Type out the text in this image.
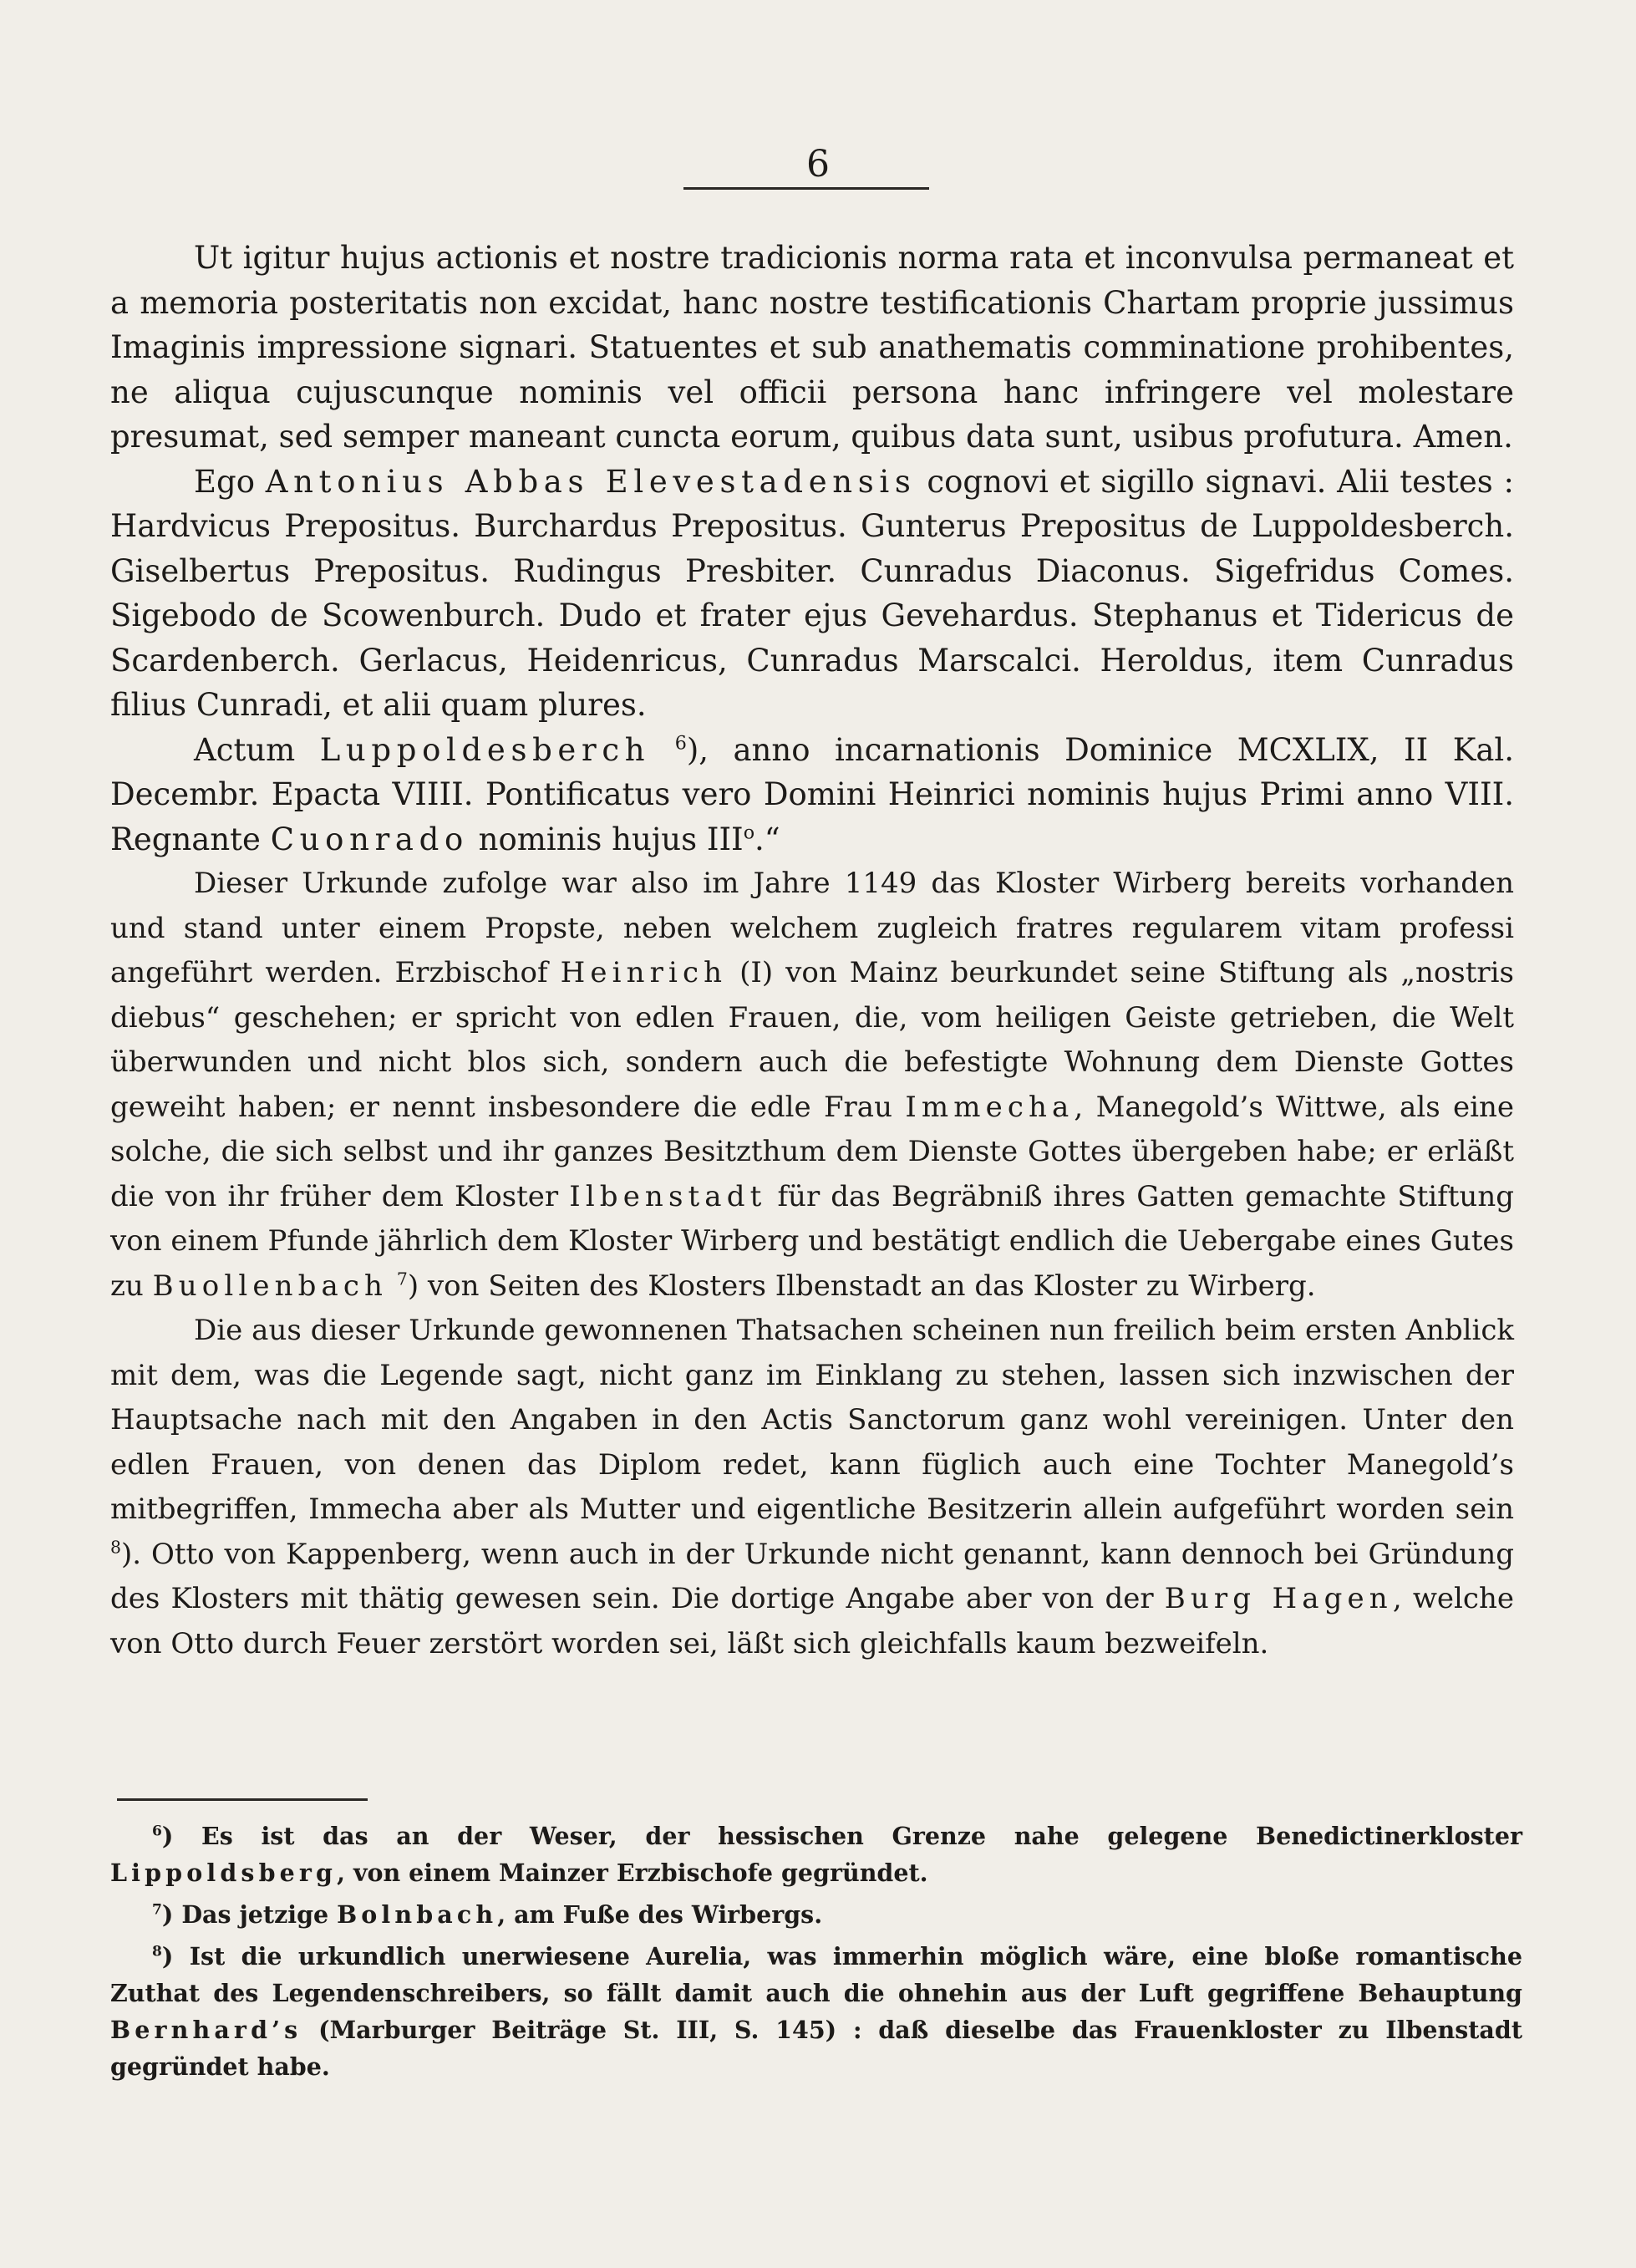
6

Ut igitur hujus actionis et nostre tradicionis norma rata et inconvulsa permaneat et a memoria posteritatis non excidat, hanc nostre testificationis Chartam proprie jussimus Imaginis impressione signari. Statuentes et sub anathematis comminatione prohibentes, ne aliqua cujuscunque nominis vel officii persona hanc infringere vel molestare presumat, sed semper maneant cuncta eorum, quibus data sunt, usibus profutura. Amen.

Ego Antonius Abbas Elevestadensis cognovi et sigillo signavi. Alii testes : Hardvicus Prepositus. Burchardus Prepositus. Gunterus Prepositus de Luppoldesberch. Giselbertus Prepositus. Rudingus Presbiter. Cunradus Diaconus. Sigefridus Comes. Sigebodo de Scowenburch. Dudo et frater ejus Gevehardus. Stephanus et Tidericus de Scardenberch. Gerlacus, Heidenricus, Cunradus Marscalci. Heroldus, item Cunradus filius Cunradi, et alii quam plures.

Actum Luppoldesberch $^6$), anno incarnationis Dominice MCXLIX, II Kal. Decembr. Epacta VIIII. Pontificatus vero Domini Heinrici nominis hujus Primi anno VIII. Regnante Cuonrado nominis hujus III$^o$.“

Dieser Urkunde zufolge war also im Jahre 1149 das Kloster Wirberg bereits vorhanden und stand unter einem Propste, neben welchem zugleich fratres regularem vitam professi angeführt werden. Erzbischof Heinrich (I) von Mainz beurkundet seine Stiftung als „nostris diebus“ geschehen; er spricht von edlen Frauen, die, vom heiligen Geiste getrieben, die Welt überwunden und nicht blos sich, sondern auch die befestigte Wohnung dem Dienste Gottes geweiht haben; er nennt insbesondere die edle Frau Immecha, Manegold’s Wittwe, als eine solche, die sich selbst und ihr ganzes Besitzthum dem Dienste Gottes übergeben habe; er erläßt die von ihr früher dem Kloster Ilbenstadt für das Begräbniß ihres Gatten gemachte Stiftung von einem Pfunde jährlich dem Kloster Wirberg und bestätigt endlich die Uebergabe eines Gutes zu Buollenbach $^7$) von Seiten des Klosters Ilbenstadt an das Kloster zu Wirberg.

Die aus dieser Urkunde gewonnenen Thatsachen scheinen nun freilich beim ersten Anblick mit dem, was die Legende sagt, nicht ganz im Einklang zu stehen, lassen sich inzwischen der Hauptsache nach mit den Angaben in den Actis Sanctorum ganz wohl vereinigen. Unter den edlen Frauen, von denen das Diplom redet, kann füglich auch eine Tochter Manegold’s mitbegriffen, Immecha aber als Mutter und eigentliche Besitzerin allein aufgeführt worden sein $^8$). Otto von Kappenberg, wenn auch in der Urkunde nicht genannt, kann dennoch bei Gründung des Klosters mit thätig gewesen sein. Die dortige Angabe aber von der Burg Hagen, welche von Otto durch Feuer zerstört worden sei, läßt sich gleichfalls kaum bezweifeln.

$^6$) Es ist das an der Weser, der hessischen Grenze nahe gelegene Benedictinerkloster Lippoldsberg, von einem Mainzer Erzbischofe gegründet.

$^7$) Das jetzige Bolnbach, am Fuße des Wirbergs.

$^8$) Ist die urkundlich unerwiesene Aurelia, was immerhin möglich wäre, eine bloße romantische Zuthat des Legendenschreibers, so fällt damit auch die ohnehin aus der Luft gegriffene Behauptung Bernhard’s (Marburger Beiträge St. III, S. 145) : daß dieselbe das Frauenkloster zu Ilbenstadt gegründet habe.
